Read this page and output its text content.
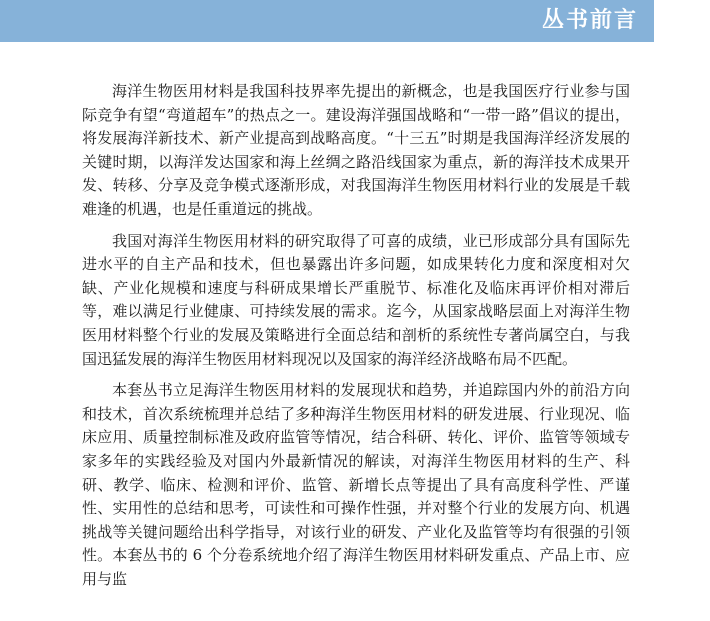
丛书前言

海洋生物医用材料是我国科技界率先提出的新概念，也是我国医疗行业参与国际竞争有望“弯道超车”的热点之一。建设海洋强国战略和“一带一路”倡议的提出，将发展海洋新技术、新产业提高到战略高度。“十三五”时期是我国海洋经济发展的关键时期，以海洋发达国家和海上丝绸之路沿线国家为重点，新的海洋技术成果开发、转移、分享及竞争模式逐渐形成，对我国海洋生物医用材料行业的发展是千载难逢的机遇，也是任重道远的挑战。

我国对海洋生物医用材料的研究取得了可喜的成绩，业已形成部分具有国际先进水平的自主产品和技术，但也暴露出许多问题，如成果转化力度和深度相对欠缺、产业化规模和速度与科研成果增长严重脱节、标准化及临床再评价相对滞后等，难以满足行业健康、可持续发展的需求。迄今，从国家战略层面上对海洋生物医用材料整个行业的发展及策略进行全面总结和剖析的系统性专著尚属空白，与我国迅猛发展的海洋生物医用材料现况以及国家的海洋经济战略布局不匹配。

本套丛书立足海洋生物医用材料的发展现状和趋势，并追踪国内外的前沿方向和技术，首次系统梳理并总结了多种海洋生物医用材料的研发进展、行业现况、临床应用、质量控制标准及政府监管等情况，结合科研、转化、评价、监管等领域专家多年的实践经验及对国内外最新情况的解读，对海洋生物医用材料的生产、科研、教学、临床、检测和评价、监管、新增长点等提出了具有高度科学性、严谨性、实用性的总结和思考，可读性和可操作性强，并对整个行业的发展方向、机遇挑战等关键问题给出科学指导，对该行业的研发、产业化及监管等均有很强的引领性。本套丛书的 6 个分卷系统地介绍了海洋生物医用材料研发重点、产品上市、应用与监
